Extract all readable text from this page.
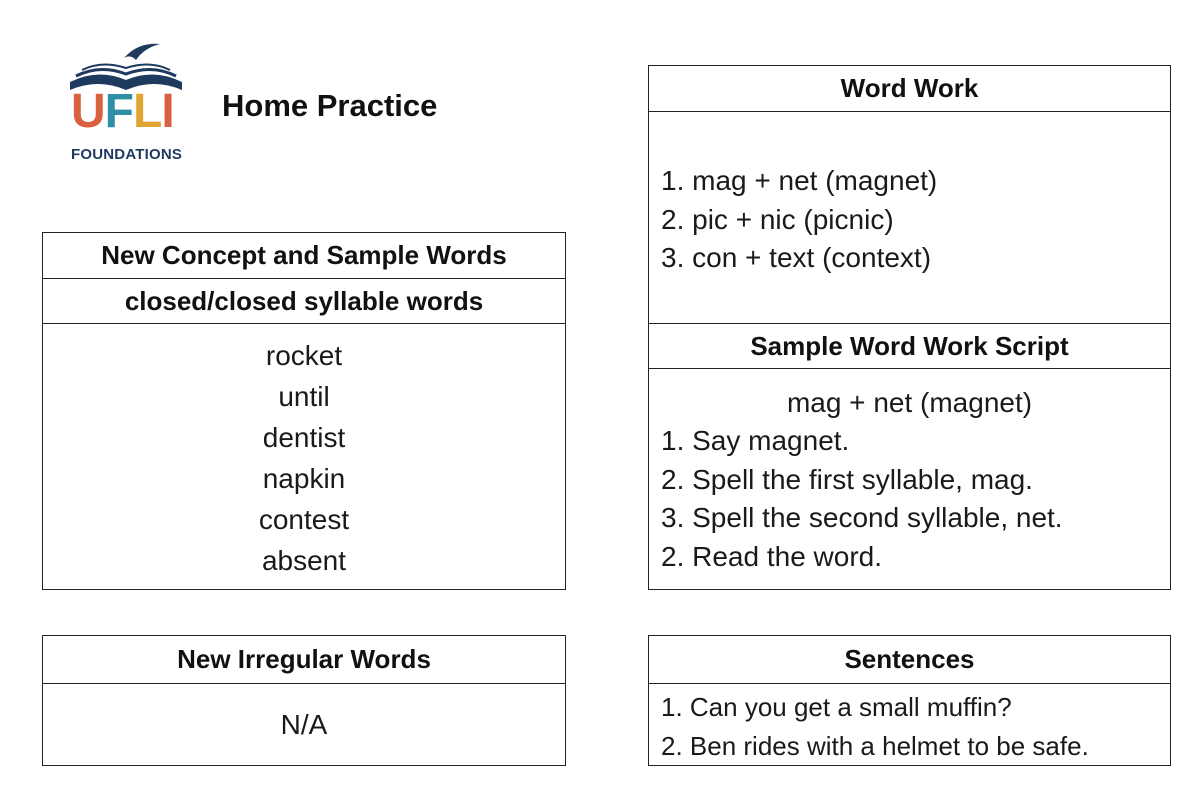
UFLI
FOUNDATIONS
Home Practice
New Concept and Sample Words
closed/closed syllable words
rocket
until
dentist
napkin
contest
absent
New Irregular Words
N/A
Word Work
1. mag + net (magnet)
2. pic + nic (picnic)
3. con + text (context)
Sample Word Work Script
mag + net (magnet)
1. Say magnet.
2. Spell the first syllable, mag.
3. Spell the second syllable, net.
2. Read the word.
Sentences
1. Can you get a small muffin?
2. Ben rides with a helmet to be safe.
